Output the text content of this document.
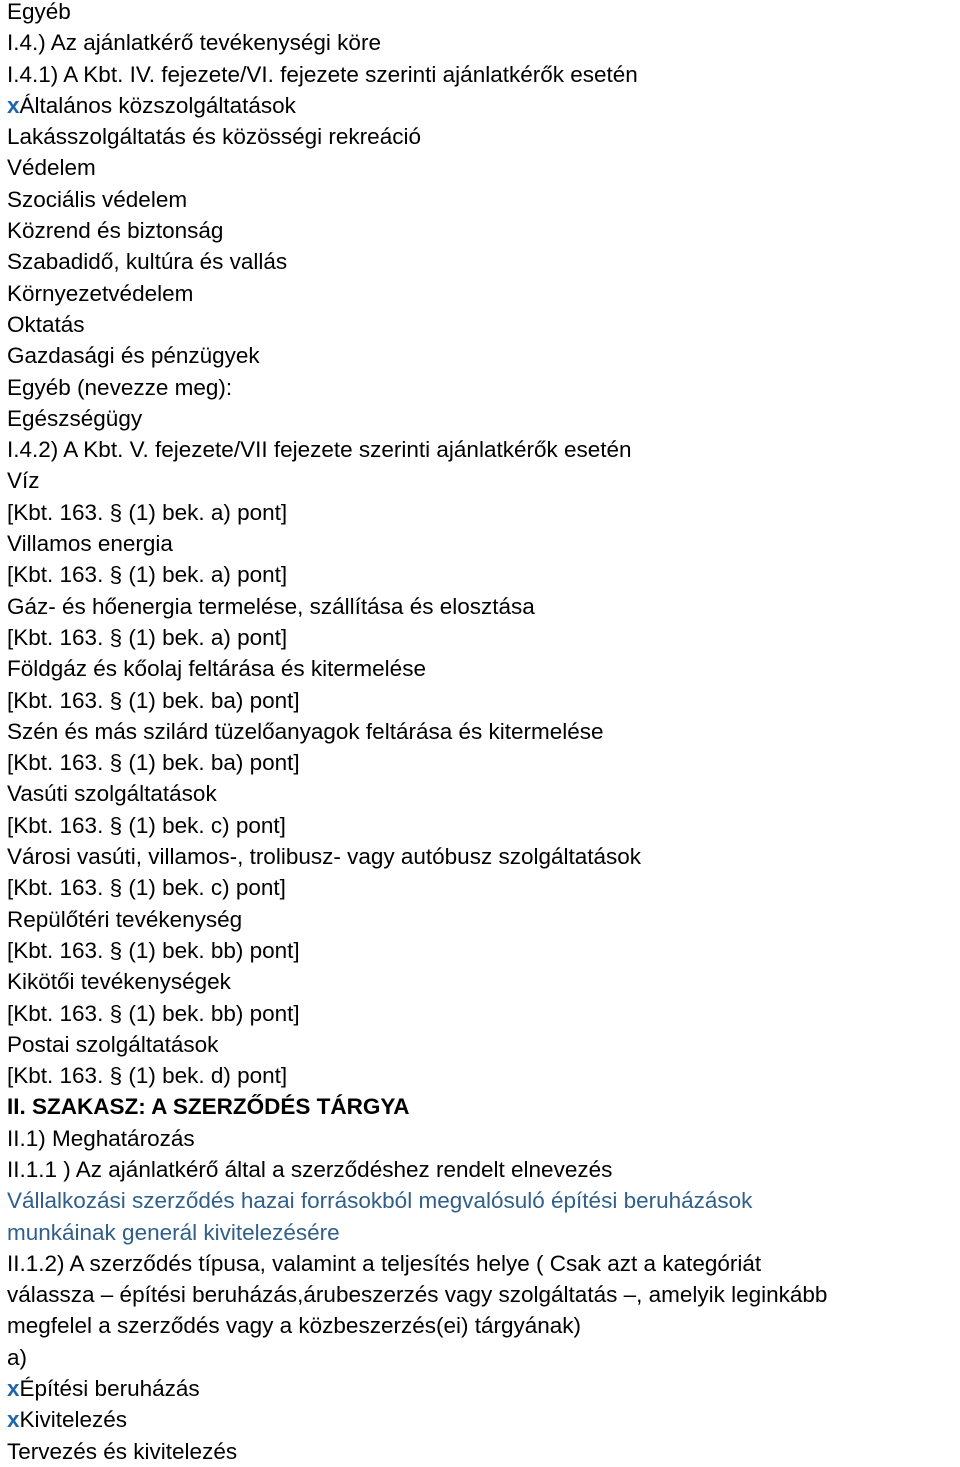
Egyéb
I.4.) Az ajánlatkérő tevékenységi köre
I.4.1) A Kbt. IV. fejezete/VI. fejezete szerinti ajánlatkérők esetén
xÁltalános közszolgáltatások
Lakásszolgáltatás és közösségi rekreáció
Védelem
Szociális védelem
Közrend és biztonság
Szabadidő, kultúra és vallás
Környezetvédelem
Oktatás
Gazdasági és pénzügyek
Egyéb (nevezze meg):
Egészségügy
I.4.2) A Kbt. V. fejezete/VII fejezete szerinti ajánlatkérők esetén
Víz
[Kbt. 163. § (1) bek. a) pont]
Villamos energia
[Kbt. 163. § (1) bek. a) pont]
Gáz- és hőenergia termelése, szállítása és elosztása
[Kbt. 163. § (1) bek. a) pont]
Földgáz és kőolaj feltárása és kitermelése
[Kbt. 163. § (1) bek. ba) pont]
Szén és más szilárd tüzelőanyagok feltárása és kitermelése
[Kbt. 163. § (1) bek. ba) pont]
Vasúti szolgáltatások
[Kbt. 163. § (1) bek. c) pont]
Városi vasúti, villamos-, trolibusz- vagy autóbusz szolgáltatások
[Kbt. 163. § (1) bek. c) pont]
Repülőtéri tevékenység
[Kbt. 163. § (1) bek. bb) pont]
Kikötői tevékenységek
[Kbt. 163. § (1) bek. bb) pont]
Postai szolgáltatások
[Kbt. 163. § (1) bek. d) pont]
II. SZAKASZ: A SZERZŐDÉS TÁRGYA
II.1) Meghatározás
II.1.1 ) Az ajánlatkérő által a szerződéshez rendelt elnevezés
Vállalkozási szerződés hazai forrásokból megvalósuló építési beruházások
munkáinak generál kivitelezésére
II.1.2) A szerződés típusa, valamint a teljesítés helye ( Csak azt a kategóriát
válassza – építési beruházás,árubeszerzés vagy szolgáltatás –, amelyik leginkább
megfelel a szerződés vagy a közbeszerzés(ei) tárgyának)
a)
xÉpítési beruházás
xKivitelezés
Tervezés és kivitelezés
